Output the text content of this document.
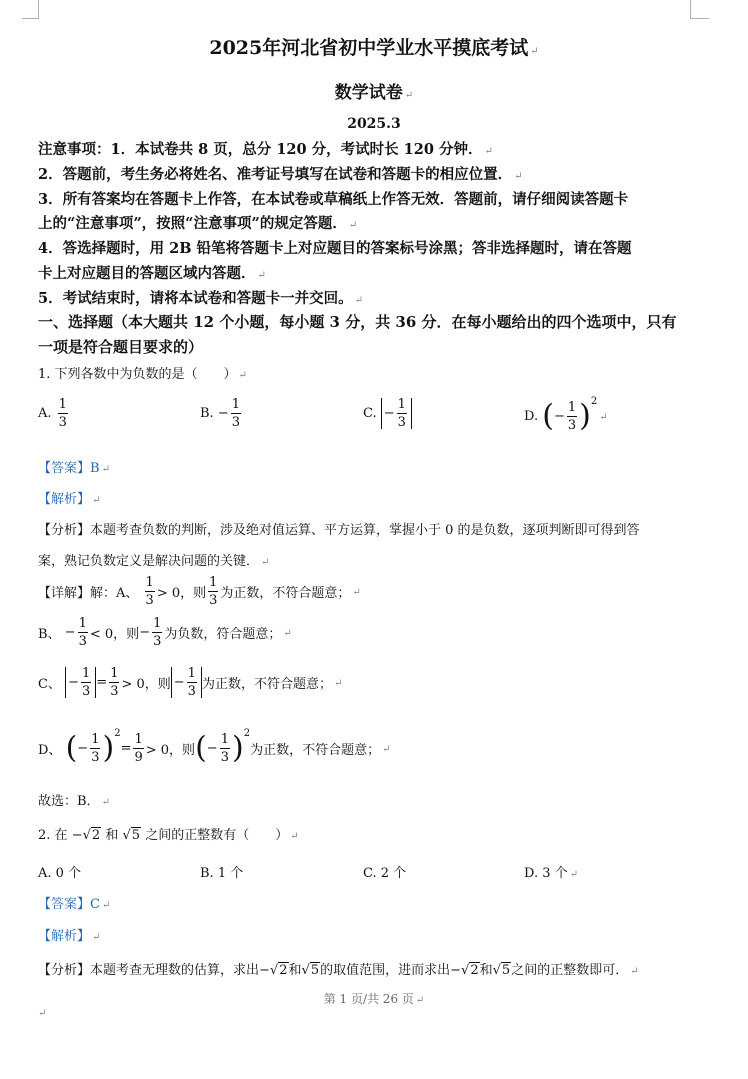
2025年河北省初中学业水平摸底考试 ↵
数学试卷 ↵
2025.3
注意事项：1．本试卷共 8 页，总分 120 分，考试时长 120 分钟． ↵
2．答题前，考生务必将姓名、准考证号填写在试卷和答题卡的相应位置． ↵
3．所有答案均在答题卡上作答，在本试卷或草稿纸上作答无效．答题前，请仔细阅读答题卡
上的“注意事项”，按照“注意事项”的规定答题． ↵
4．答选择题时，用 2B 铅笔将答题卡上对应题目的答案标号涂黑；答非选择题时，请在答题
卡上对应题目的答题区域内答题． ↵
5．考试结束时，请将本试卷和答题卡一并交回。 ↵
一、选择题（本大题共 12 个小题，每小题 3 分，共 36 分．在每小题给出的四个选项中，只有
一项是符合题目要求的）
1. 下列各数中为负数的是（　　） ↵
A. $\frac{1}{3}$	B. − $\frac{1}{3}$	C. − $\frac{1}{3}$	D. (− $\frac{1}{3}$ )$^2$↵
【答案】B ↵
【解析】 ↵
【分析】本题考查负数的判断，涉及绝对值运算、平方运算，掌握小于 0 的是负数，逐项判断即可得到答
案，熟记负数定义是解决问题的关键． ↵
【详解】解：A、 $\frac{1}{3} > 0$，则 $\frac{1}{3}$ 为正数，不符合题意； ↵
B、 − $\frac{1}{3} < 0$，则− $\frac{1}{3}$ 为负数，符合题意； ↵
C、 − $\frac{1}{3} = \frac{1}{3} > 0$，则 − $\frac{1}{3}$ 为正数，不符合题意； ↵
D、 (− $\frac{1}{3} )^2= \frac{1}{9} > 0$，则(− $\frac{1}{3} )^2$为正数，不符合题意； ↵
故选：B． ↵
2. 在 −√2 和 √5 之间的正整数有（　　） ↵
A. 0 个	B. 1 个	C. 2 个	D. 3 个 ↵
【答案】C ↵
【解析】 ↵
【分析】本题考查无理数的估算，求出−√2和√5的取值范围，进而求出−√2和√5之间的正整数即可． ↵
第 1 页/共 26 页 ↵
↵
